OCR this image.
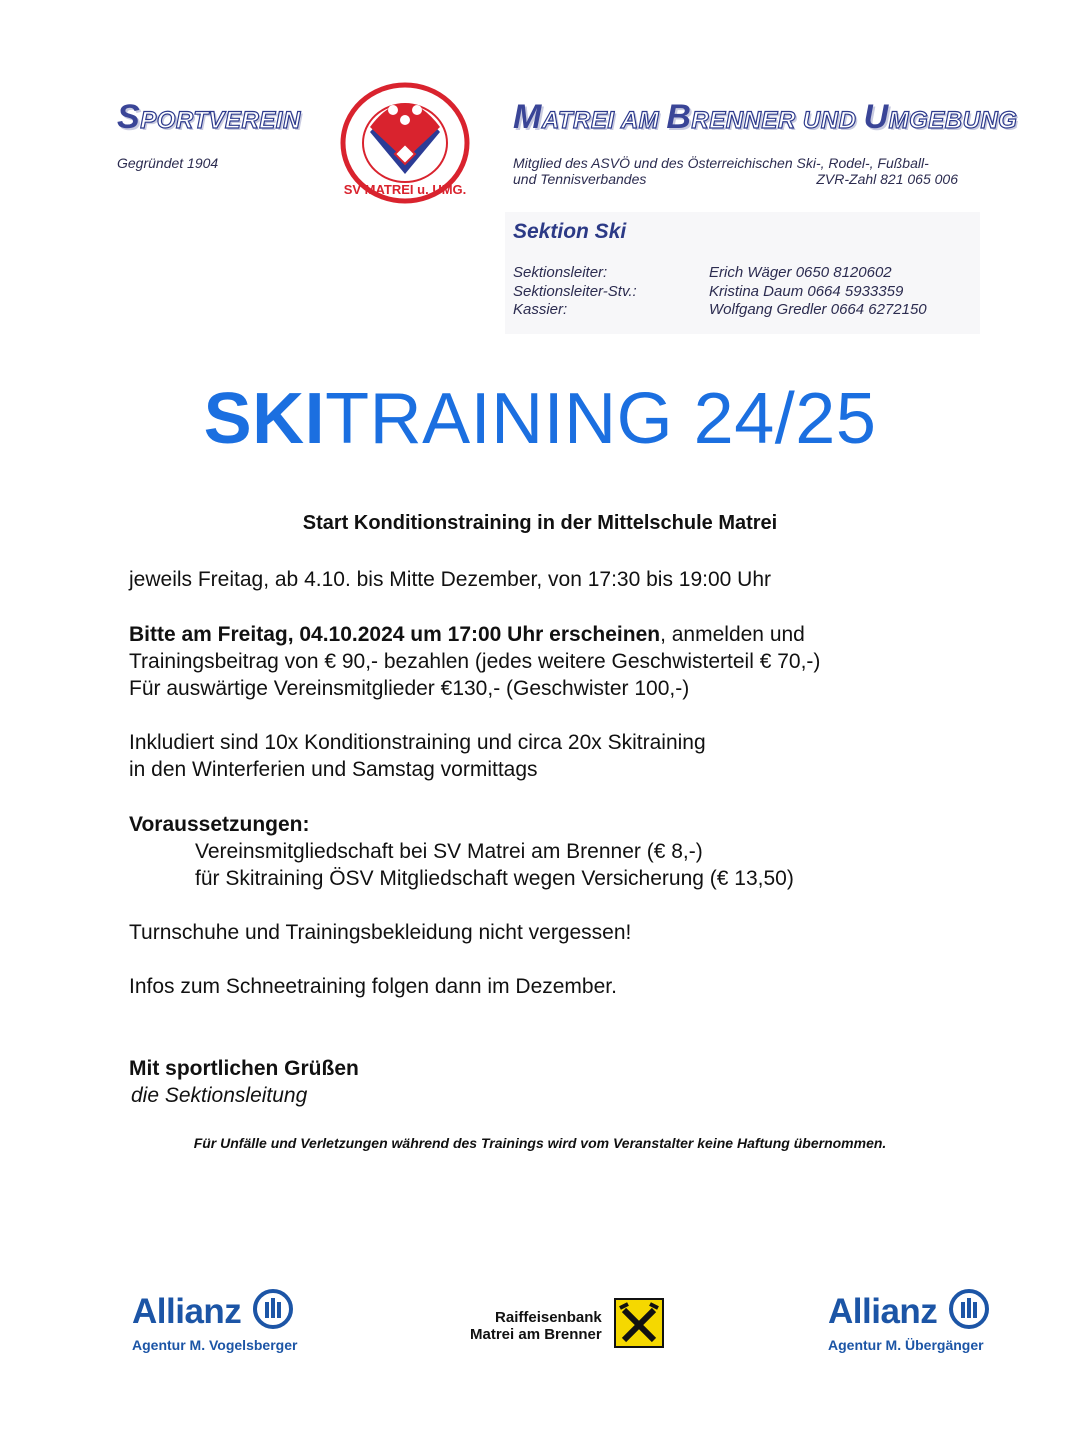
SPORTVEREIN
Gegründet 1904
SV MATREI u. UMG.
MATREI AM BRENNER UND UMGEBUNG
Mitglied des ASVÖ und des Österreichischen Ski-, Rodel-, Fußball-
und Tennisverbandes	ZVR-Zahl 821 065 006
Sektion Ski
Sektionsleiter:	Erich Wäger 0650 8120602
Sektionsleiter-Stv.:	Kristina Daum 0664 5933359
Kassier:	Wolfgang Gredler 0664 6272150
SKITRAINING 24/25
Start Konditionstraining in der Mittelschule Matrei
jeweils Freitag, ab 4.10. bis Mitte Dezember, von 17:30 bis 19:00 Uhr
Bitte am Freitag, 04.10.2024 um 17:00 Uhr erscheinen, anmelden und
Trainingsbeitrag von € 90,- bezahlen (jedes weitere Geschwisterteil € 70,-)
Für auswärtige Vereinsmitglieder €130,- (Geschwister 100,-)
Inkludiert sind 10x Konditionstraining und circa 20x Skitraining
in den Winterferien und Samstag vormittags
Voraussetzungen:
Vereinsmitgliedschaft bei SV Matrei am Brenner (€ 8,-)
für Skitraining ÖSV Mitgliedschaft wegen Versicherung (€ 13,50)
Turnschuhe und Trainingsbekleidung nicht vergessen!
Infos zum Schneetraining folgen dann im Dezember.
Mit sportlichen Grüßen
die Sektionsleitung
Für Unfälle und Verletzungen während des Trainings wird vom Veranstalter keine Haftung übernommen.
Allianz
Agentur M. Vogelsberger
Raiffeisenbank
Matrei am Brenner

Allianz
Agentur M. Übergänger
